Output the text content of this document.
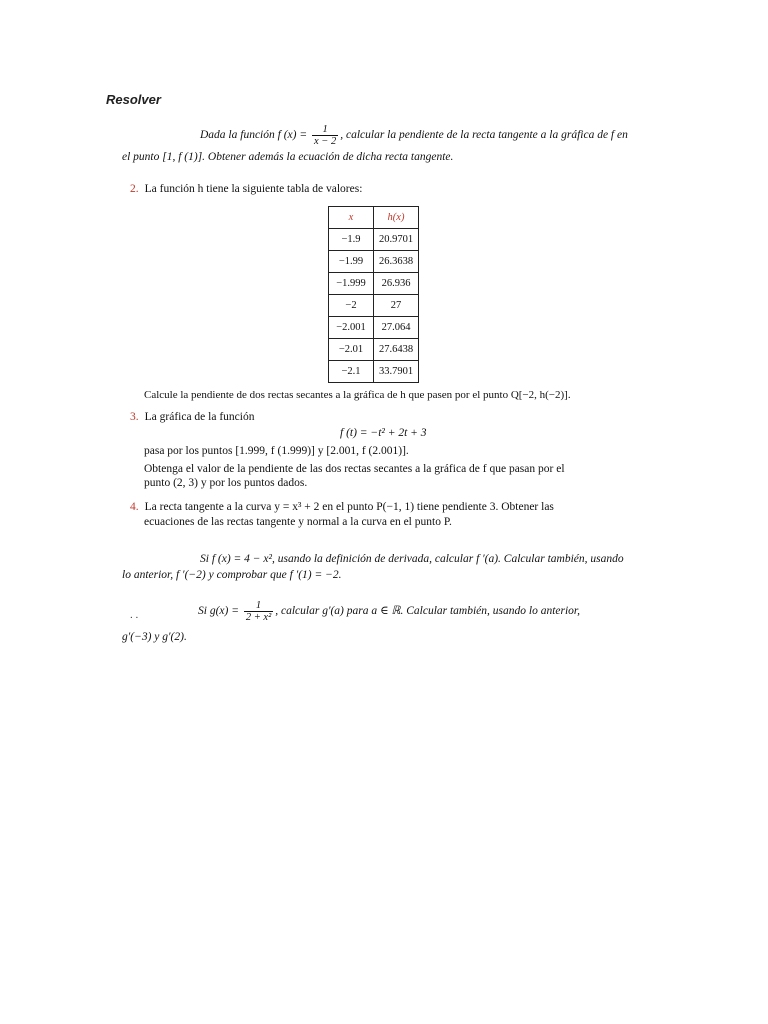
Resolver
Dada la función f $(x) = \frac{1}{x - 2}$ , calcular la pendiente de la recta tangente a la gráfica de f en
el punto [1, f (1)]. Obtener además la ecuación de dicha recta tangente.
2. La función h tiene la siguiente tabla de valores:
x	h(x)
−1.9	20.9701
−1.99	26.3638
−1.999	26.936
−2	27
−2.001	27.064
−2.01	27.6438
−2.1	33.7901
Calcule la pendiente de dos rectas secantes a la gráfica de h que pasen por el punto Q[−2, h(−2)].
3. La gráfica de la función
f (t) = −t² + 2t + 3
pasa por los puntos [1.999, f (1.999)] y [2.001, f (2.001)].
Obtenga el valor de la pendiente de las dos rectas secantes a la gráfica de f que pasan por el
punto (2, 3) y por los puntos dados.
4. La recta tangente a la curva y = x³ + 2 en el punto P(−1, 1) tiene pendiente 3. Obtener las
ecuaciones de las rectas tangente y normal a la curva en el punto P.
Si f (x) = 4 − x², usando la definición de derivada, calcular f ′(a). Calcular también, usando
lo anterior, f ′(−2) y comprobar que f ′(1) = −2.
. .	Si $g(x) = \frac{1}{\text{2 + x²}}$ , calcular g′(a) para a ∈ ℝ. Calcular también, usando lo anterior,
g′(−3) y g′(2).
